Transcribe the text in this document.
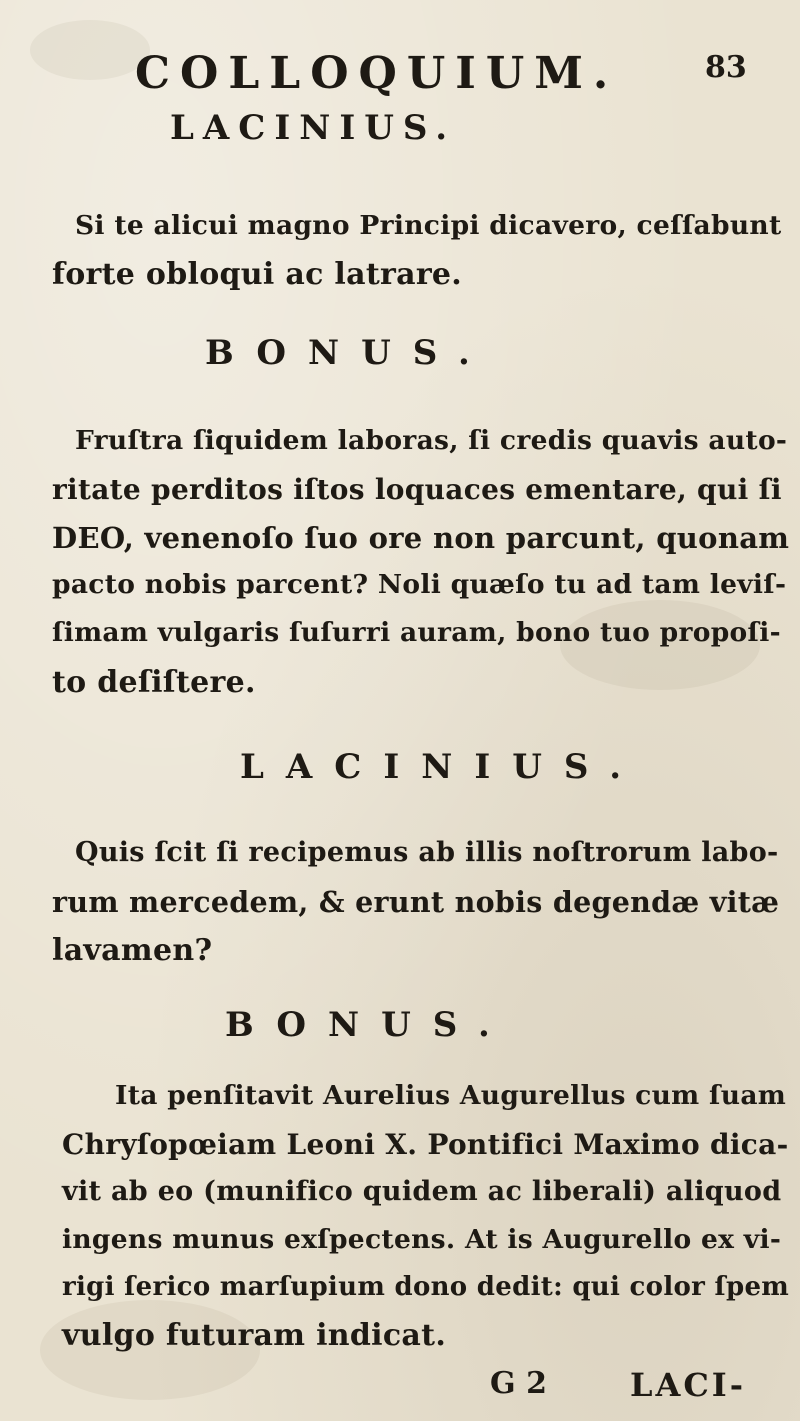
COLLOQUIUM.	83
LACINIUS.
Si te alicui magno Principi dicavero, ceſſabunt
forte obloqui ac latrare.
BONUS.
Fruſtra ſiquidem laboras, ſi credis quavis auto-
ritate perditos iſtos loquaces ementare, qui ſi
DEO, venenoſo ſuo ore non parcunt, quonam
pacto nobis parcent? Noli quæſo tu ad tam leviſ-
ſimam vulgaris ſuſurri auram, bono tuo propoſi-
to deſiſtere.
LACINIUS.
Quis ſcit ſi recipemus ab illis noſtrorum labo-
rum mercedem, & erunt nobis degendæ vitæ
lavamen?
BONUS.
Ita penſitavit Aurelius Augurellus cum ſuam
Chryſopœiam Leoni X. Pontifici Maximo dica-
vit ab eo (munifico quidem ac liberali) aliquod
ingens munus exſpectens. At is Augurello ex vi-
rigi ſerico marſupium dono dedit: qui color ſpem
vulgo futuram indicat.
G 2	LACI-
